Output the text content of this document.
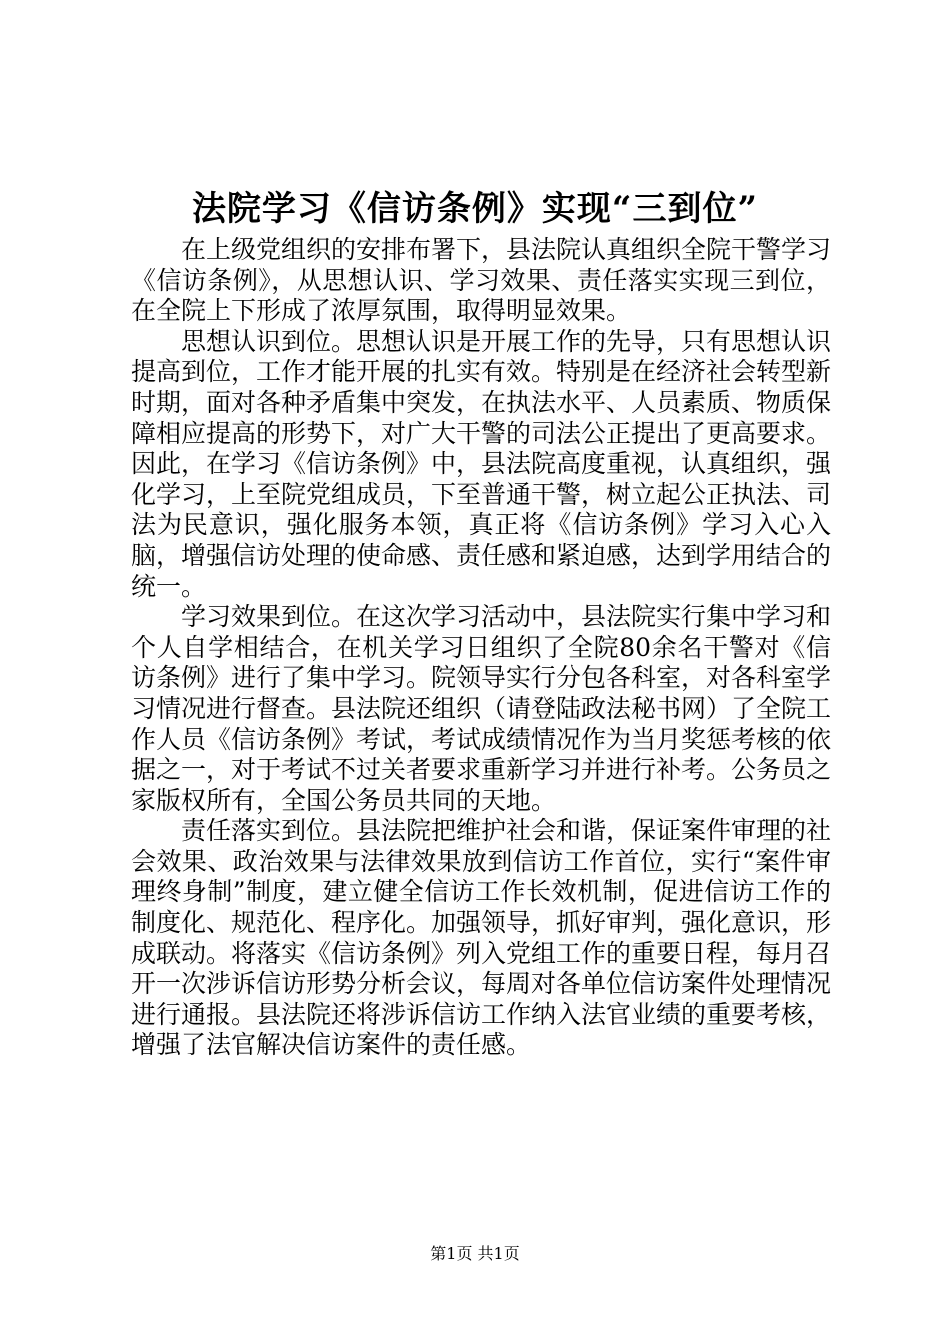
法院学习《信访条例》实现“三到位”

在上级党组织的安排布署下，县法院认真组织全院干警学习《信访条例》，从思想认识、学习效果、责任落实实现三到位，在全院上下形成了浓厚氛围，取得明显效果。

思想认识到位。思想认识是开展工作的先导，只有思想认识提高到位，工作才能开展的扎实有效。特别是在经济社会转型新时期，面对各种矛盾集中突发，在执法水平、人员素质、物质保障相应提高的形势下，对广大干警的司法公正提出了更高要求。因此，在学习《信访条例》中，县法院高度重视，认真组织，强化学习，上至院党组成员，下至普通干警，树立起公正执法、司法为民意识，强化服务本领，真正将《信访条例》学习入心入脑，增强信访处理的使命感、责任感和紧迫感，达到学用结合的统一。

学习效果到位。在这次学习活动中，县法院实行集中学习和个人自学相结合，在机关学习日组织了全院80余名干警对《信访条例》进行了集中学习。院领导实行分包各科室，对各科室学习情况进行督查。县法院还组织（请登陆政法秘书网）了全院工作人员《信访条例》考试，考试成绩情况作为当月奖惩考核的依据之一，对于考试不过关者要求重新学习并进行补考。公务员之家版权所有，全国公务员共同的天地。

责任落实到位。县法院把维护社会和谐，保证案件审理的社会效果、政治效果与法律效果放到信访工作首位，实行“案件审理终身制”制度，建立健全信访工作长效机制，促进信访工作的制度化、规范化、程序化。加强领导，抓好审判，强化意识，形成联动。将落实《信访条例》列入党组工作的重要日程，每月召开一次涉诉信访形势分析会议，每周对各单位信访案件处理情况进行通报。县法院还将涉诉信访工作纳入法官业绩的重要考核，增强了法官解决信访案件的责任感。

第1页 共1页
